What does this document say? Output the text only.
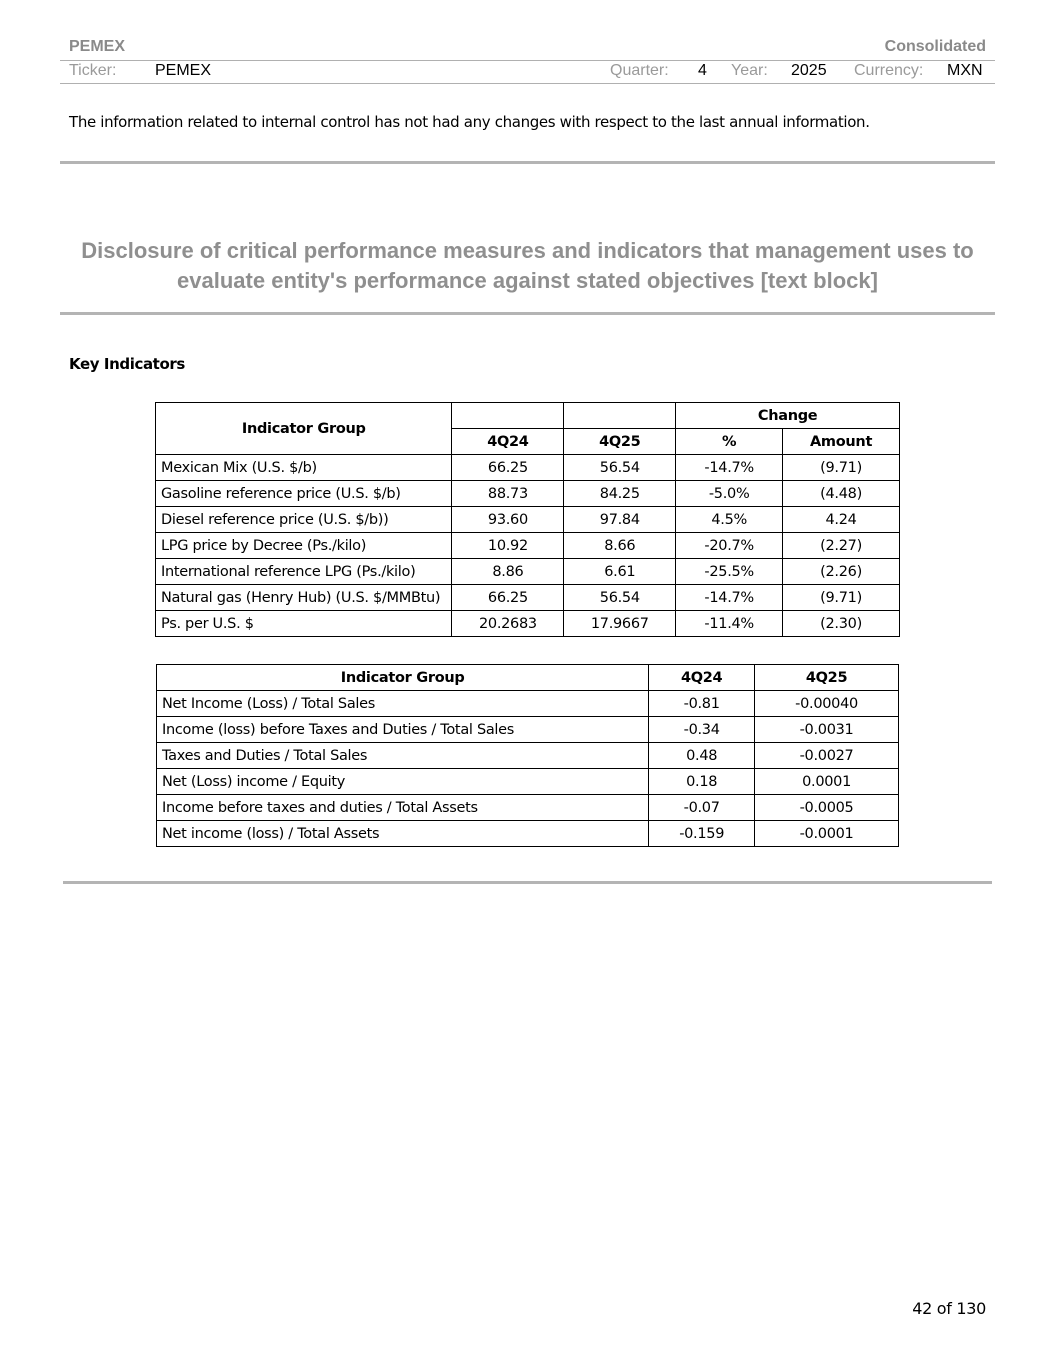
PEMEX	Consolidated
Ticker: PEMEX	Quarter: 4 Year: 2025 Currency: MXN
The information related to internal control has not had any changes with respect to the last annual information.
Disclosure of critical performance measures and indicators that management uses to
evaluate entity's performance against stated objectives [text block]
Key Indicators
Indicator Group			Change	
	4Q24	4Q25	%	Amount
Mexican Mix (U.S. $/b)	66.25	56.54	-14.7%	(9.71)
Gasoline reference price (U.S. $/b)	88.73	84.25	-5.0%	(4.48)
Diesel reference price (U.S. $/b))	93.60	97.84	4.5%	4.24
LPG price by Decree (Ps./kilo)	10.92	8.66	-20.7%	(2.27)
International reference LPG (Ps./kilo)	8.86	6.61	-25.5%	(2.26)
Natural gas (Henry Hub) (U.S. $/MMBtu)	66.25	56.54	-14.7%	(9.71)
Ps. per U.S. $	20.2683	17.9667	-11.4%	(2.30)
Indicator Group	4Q24	4Q25
Net Income (Loss) / Total Sales	-0.81	-0.00040
Income (loss) before Taxes and Duties / Total Sales	-0.34	-0.0031
Taxes and Duties / Total Sales	0.48	-0.0027
Net (Loss) income / Equity	0.18	0.0001
Income before taxes and duties / Total Assets	-0.07	-0.0005
Net income (loss) / Total Assets	-0.159	-0.0001
42 of 130
